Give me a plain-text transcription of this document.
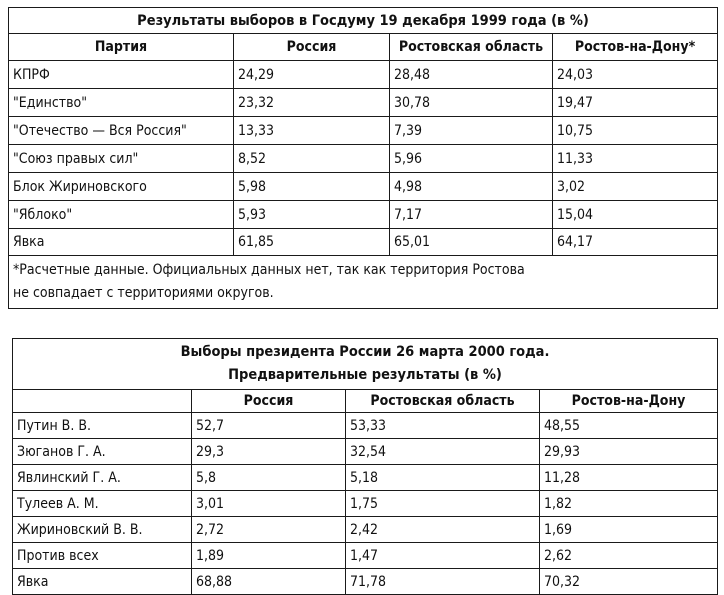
Результаты выборов в Госдуму 19 декабря 1999 года (в %)			
Партия	Россия	Ростовская область	Ростов-на-Дону*
КПРФ	24,29	28,48	24,03
"Единство"	23,32	30,78	19,47
"Отечество — Вся Россия"	13,33	7,39	10,75
"Союз правых сил"	8,52	5,96	11,33
Блок Жириновского	5,98	4,98	3,02
"Яблоко"	5,93	7,17	15,04
Явка	61,85	65,01	64,17

*Расчетные данные. Официальных данных нет, так как территория Ростова
не совпадает с территориями округов.			
Выборы президента России 26 марта 2000 года.
Предварительные результаты (в %)			

	Россия	Ростовская область	Ростов-на-Дону
Путин В. В.	52,7	53,33	48,55
Зюганов Г. А.	29,3	32,54	29,93
Явлинский Г. А.	5,8	5,18	11,28
Тулеев А. М.	3,01	1,75	1,82
Жириновский В. В.	2,72	2,42	1,69
Против всех	1,89	1,47	2,62
Явка	68,88	71,78	70,32
